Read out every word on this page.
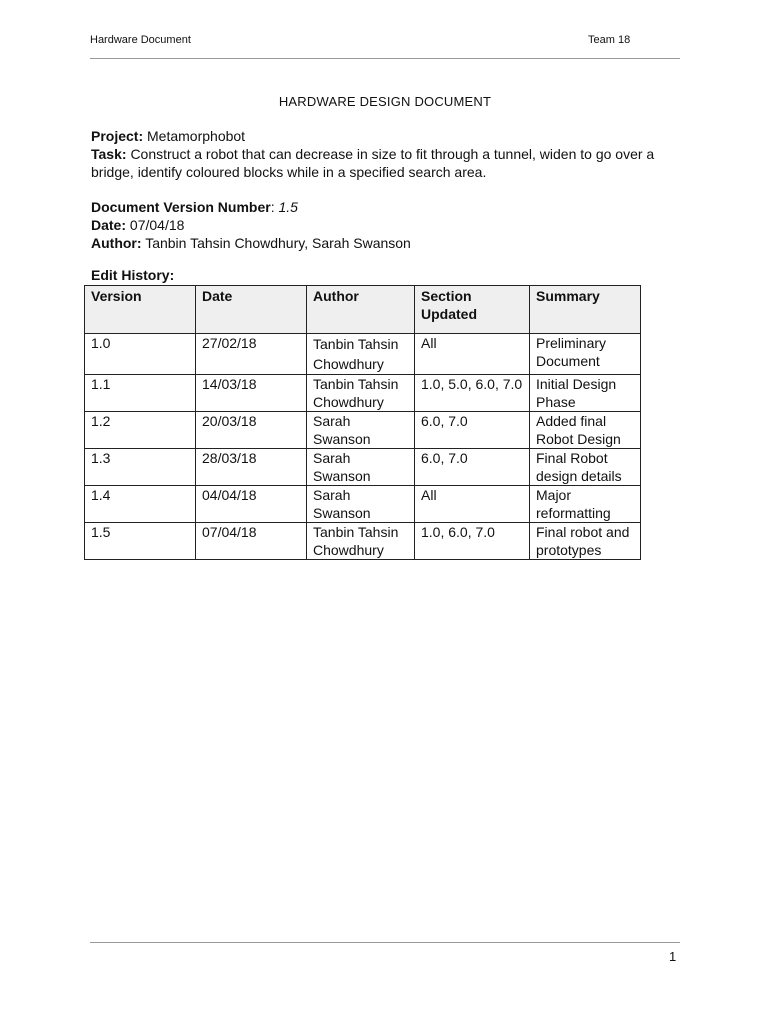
Hardware Document	Team 18
HARDWARE DESIGN DOCUMENT
Project: Metamorphobot
Task: Construct a robot that can decrease in size to fit through a tunnel, widen to go over a bridge, identify coloured blocks while in a specified search area.
Document Version Number: 1.5
Date: 07/04/18
Author: Tanbin Tahsin Chowdhury, Sarah Swanson
Edit History:
Version	Date	Author	Section Updated	Summary
1.0	27/02/18	Tanbin Tahsin Chowdhury	All	Preliminary Document
1.1	14/03/18	Tanbin Tahsin Chowdhury	1.0, 5.0, 6.0, 7.0	Initial Design Phase
1.2	20/03/18	Sarah Swanson	6.0, 7.0	Added final Robot Design
1.3	28/03/18	Sarah Swanson	6.0, 7.0	Final Robot design details
1.4	04/04/18	Sarah Swanson	All	Major reformatting
1.5	07/04/18	Tanbin Tahsin Chowdhury	1.0, 6.0, 7.0	Final robot and prototypes
1
